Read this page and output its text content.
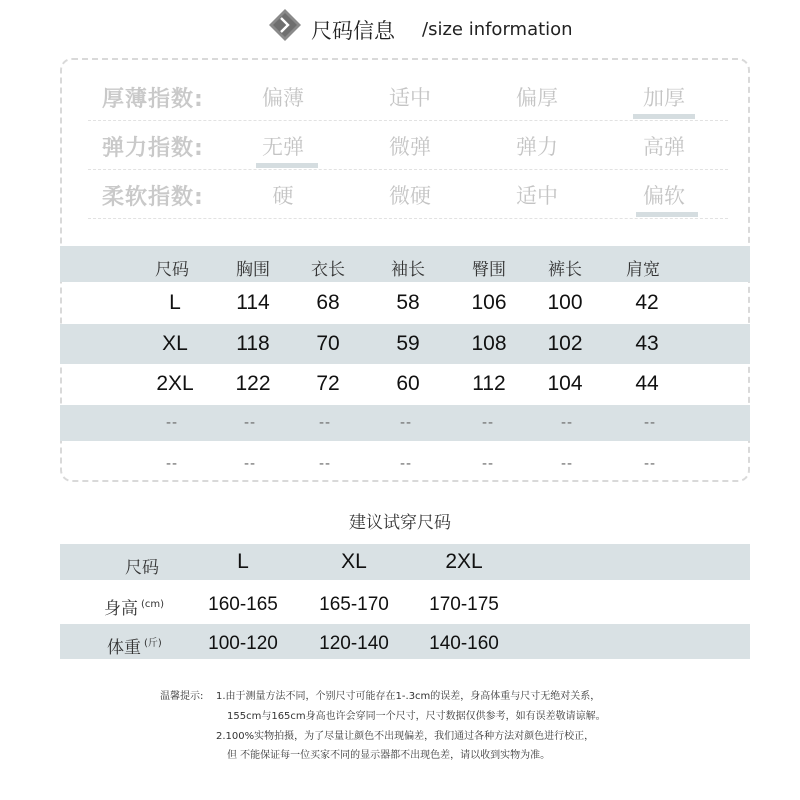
尺码信息 /size information
厚薄指数:	偏薄	适中	偏厚	加厚
弹力指数:	无弹	微弹	弹力	高弹
柔软指数:	硬	微硬	适中	偏软
尺码	胸围	衣长	袖长	臀围	裤长	肩宽
L	114	68	58	106	100	42
XL	118	70	59	108	102	43
2XL	122	72	60	112	104	44
--	--	--	--	--	--	--
--	--	--	--	--	--	--
建议试穿尺码
尺码	L	XL	2XL
身高 $^{(cm)}$	160-165	165-170	170-175
体重 $^{(斤)}$	100-120	120-140	140-160
温馨提示: 1.由于测量方法不同，个别尺寸可能存在1-.3cm的误差，身高体重与尺寸无绝对关系，
155cm与165cm身高也许会穿同一个尺寸，尺寸数据仅供参考，如有误差敬请谅解。
2.100%实物拍摄，为了尽量让颜色不出现偏差，我们通过各种方法对颜色进行校正，
但 不能保证每一位买家不同的显示器都不出现色差，请以收到实物为准。
